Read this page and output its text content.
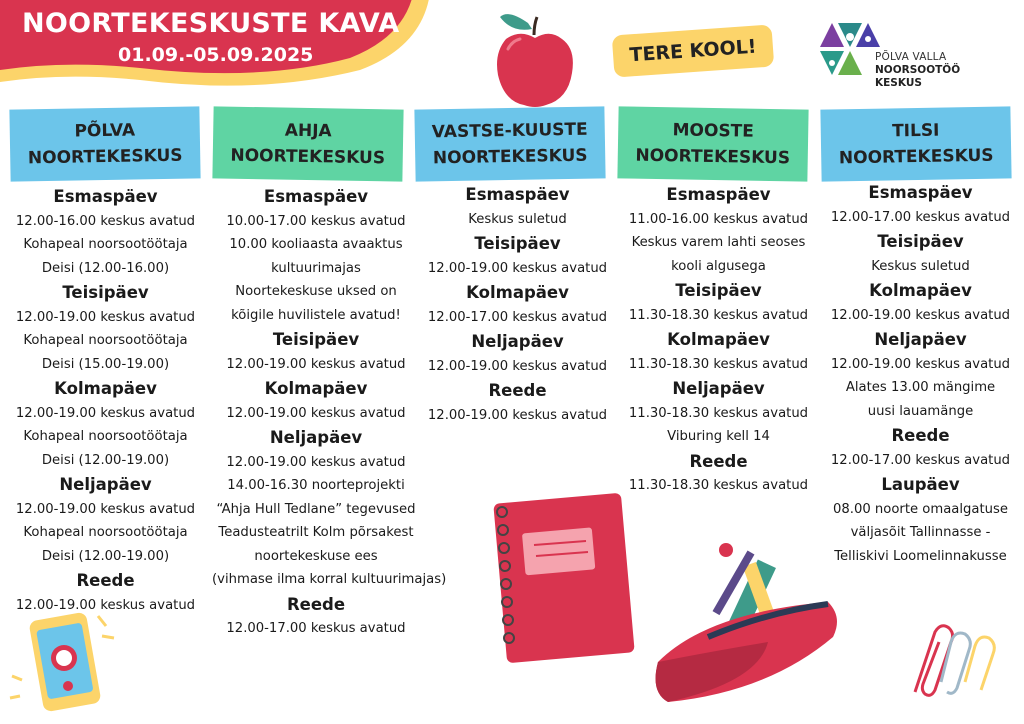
NOORTEKESKUSTE KAVA
01.09.-05.09.2025	TERE KOOL!	PÕLVA VALLA
NOORSOOTÖÖ
KESKUS
PÕLVA
NOORTEKESKUS
AHJA
NOORTEKESKUS
VASTSE-KUUSTE
NOORTEKESKUS
MOOSTE
NOORTEKESKUS
TILSI
NOORTEKESKUS
Esmaspäev
12.00-16.00 keskus avatud
Kohapeal noorsootöötaja
Deisi (12.00-16.00)
Teisipäev
12.00-19.00 keskus avatud
Kohapeal noorsootöötaja
Deisi (15.00-19.00)
Kolmapäev
12.00-19.00 keskus avatud
Kohapeal noorsootöötaja
Deisi (12.00-19.00)
Neljapäev
12.00-19.00 keskus avatud
Kohapeal noorsootöötaja
Deisi (12.00-19.00)
Reede
12.00-19.00 keskus avatud
Esmaspäev
10.00-17.00 keskus avatud
10.00 kooliaasta avaaktus
kultuurimajas
Noortekeskuse uksed on
kõigile huvilistele avatud!
Teisipäev
12.00-19.00 keskus avatud
Kolmapäev
12.00-19.00 keskus avatud
Neljapäev
12.00-19.00 keskus avatud
14.00-16.30 noorteprojekti
“Ahja Hull Tedlane” tegevused
Teadusteatrilt Kolm põrsakest
noortekeskuse ees
(vihmase ilma korral kultuurimajas)
Reede
12.00-17.00 keskus avatud
Esmaspäev
Keskus suletud
Teisipäev
12.00-19.00 keskus avatud
Kolmapäev
12.00-17.00 keskus avatud
Neljapäev
12.00-19.00 keskus avatud
Reede
12.00-19.00 keskus avatud
Esmaspäev
11.00-16.00 keskus avatud
Keskus varem lahti seoses
kooli algusega
Teisipäev
11.30-18.30 keskus avatud
Kolmapäev
11.30-18.30 keskus avatud
Neljapäev
11.30-18.30 keskus avatud
Viburing kell 14
Reede
11.30-18.30 keskus avatud
Esmaspäev
12.00-17.00 keskus avatud
Teisipäev
Keskus suletud
Kolmapäev
12.00-19.00 keskus avatud
Neljapäev
12.00-19.00 keskus avatud
Alates 13.00 mängime
uusi lauamänge
Reede
12.00-17.00 keskus avatud
Laupäev
08.00 noorte omaalgatuse
väljasõit Tallinnasse -
Telliskivi Loomelinnakusse
